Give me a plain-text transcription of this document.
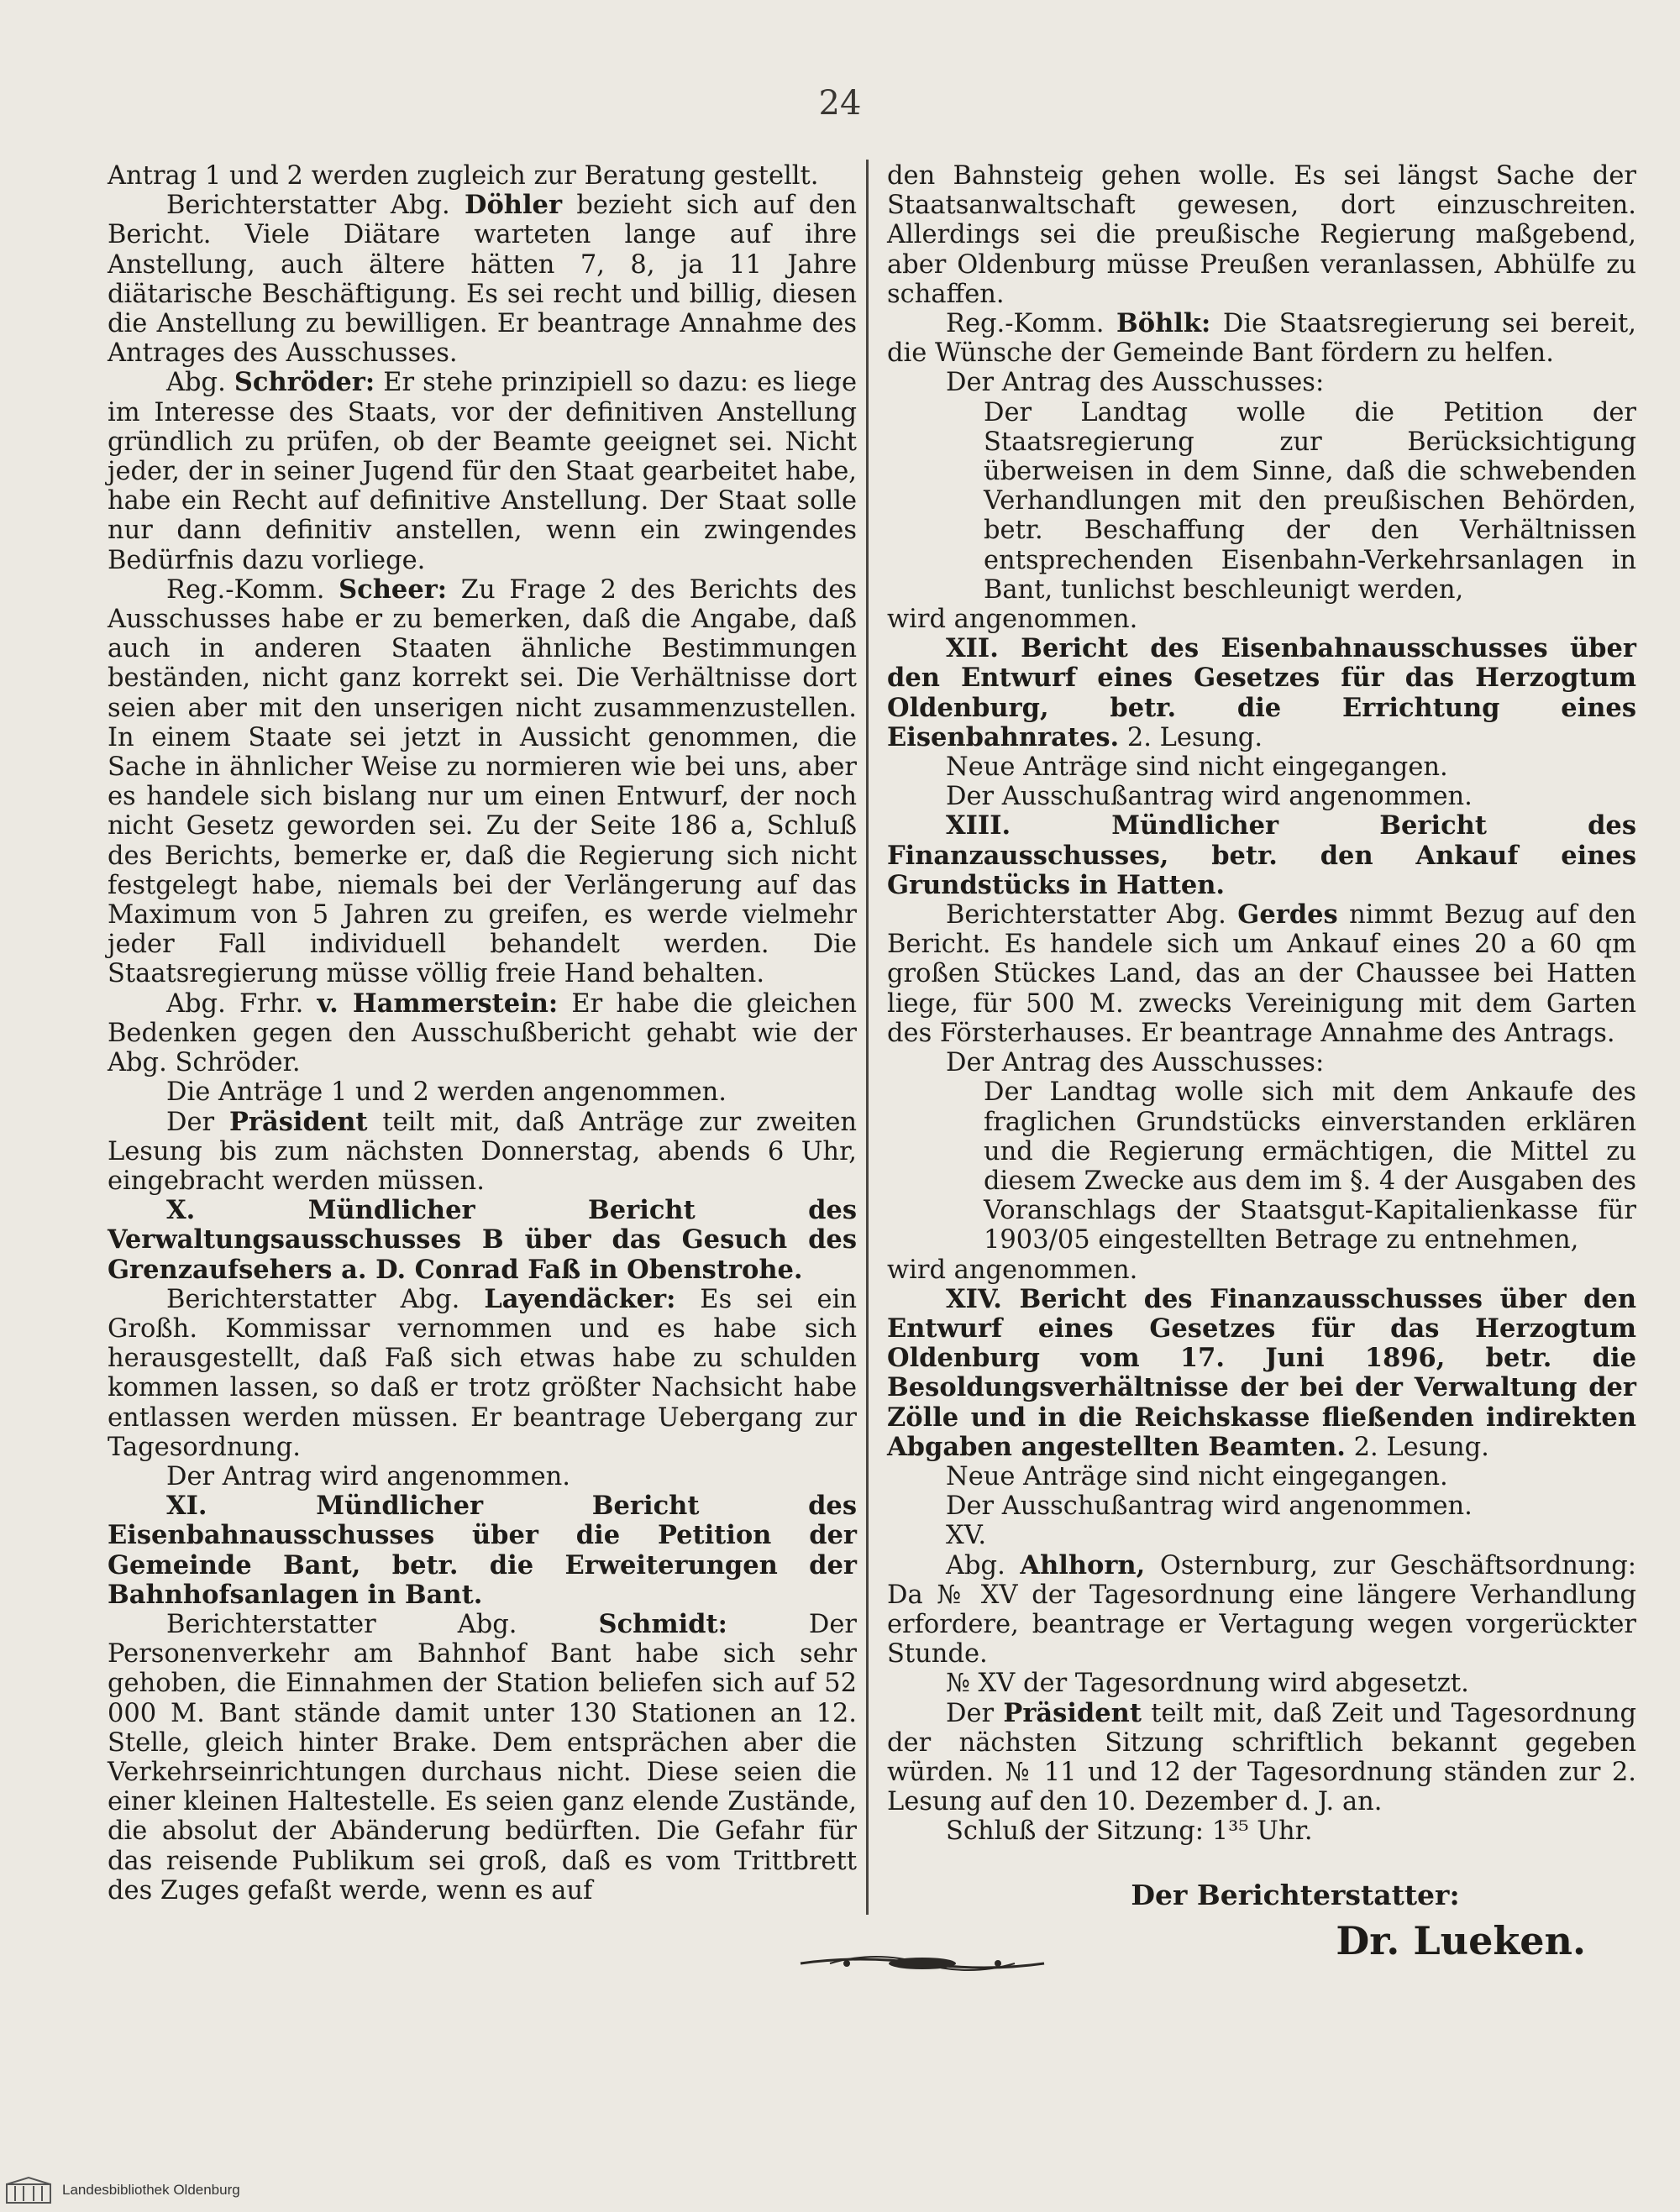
24

Antrag 1 und 2 werden zugleich zur Beratung gestellt.

Berichterstatter Abg. Döhler bezieht sich auf den Bericht. Viele Diätare warteten lange auf ihre Anstellung, auch ältere hätten 7, 8, ja 11 Jahre diätarische Beschäftigung. Es sei recht und billig, diesen die Anstellung zu bewilligen. Er beantrage Annahme des Antrages des Ausschusses.

Abg. Schröder: Er stehe prinzipiell so dazu: es liege im Interesse des Staats, vor der definitiven Anstellung gründlich zu prüfen, ob der Beamte geeignet sei. Nicht jeder, der in seiner Jugend für den Staat gearbeitet habe, habe ein Recht auf definitive Anstellung. Der Staat solle nur dann definitiv anstellen, wenn ein zwingendes Bedürfnis dazu vorliege.

Reg.-Komm. Scheer: Zu Frage 2 des Berichts des Ausschusses habe er zu bemerken, daß die Angabe, daß auch in anderen Staaten ähnliche Bestimmungen beständen, nicht ganz korrekt sei. Die Verhältnisse dort seien aber mit den unserigen nicht zusammenzustellen. In einem Staate sei jetzt in Aussicht genommen, die Sache in ähnlicher Weise zu normieren wie bei uns, aber es handele sich bislang nur um einen Entwurf, der noch nicht Gesetz geworden sei. Zu der Seite 186 a, Schluß des Berichts, bemerke er, daß die Regierung sich nicht festgelegt habe, niemals bei der Verlängerung auf das Maximum von 5 Jahren zu greifen, es werde vielmehr jeder Fall individuell behandelt werden. Die Staatsregierung müsse völlig freie Hand behalten.

Abg. Frhr. v. Hammerstein: Er habe die gleichen Bedenken gegen den Ausschußbericht gehabt wie der Abg. Schröder.

Die Anträge 1 und 2 werden angenommen.

Der Präsident teilt mit, daß Anträge zur zweiten Lesung bis zum nächsten Donnerstag, abends 6 Uhr, eingebracht werden müssen.

X. Mündlicher Bericht des Verwaltungsausschusses B über das Gesuch des Grenzaufsehers a. D. Conrad Faß in Obenstrohe.

Berichterstatter Abg. Layendäcker: Es sei ein Großh. Kommissar vernommen und es habe sich herausgestellt, daß Faß sich etwas habe zu schulden kommen lassen, so daß er trotz größter Nachsicht habe entlassen werden müssen. Er beantrage Uebergang zur Tagesordnung.

Der Antrag wird angenommen.

XI. Mündlicher Bericht des Eisenbahnausschusses über die Petition der Gemeinde Bant, betr. die Erweiterungen der Bahnhofsanlagen in Bant.

Berichterstatter Abg. Schmidt: Der Personenverkehr am Bahnhof Bant habe sich sehr gehoben, die Einnahmen der Station beliefen sich auf 52 000 M. Bant stände damit unter 130 Stationen an 12. Stelle, gleich hinter Brake. Dem entsprächen aber die Verkehrseinrichtungen durchaus nicht. Diese seien die einer kleinen Haltestelle. Es seien ganz elende Zustände, die absolut der Abänderung bedürften. Die Gefahr für das reisende Publikum sei groß, daß es vom Trittbrett des Zuges gefaßt werde, wenn es auf

den Bahnsteig gehen wolle. Es sei längst Sache der Staatsanwaltschaft gewesen, dort einzuschreiten. Allerdings sei die preußische Regierung maßgebend, aber Oldenburg müsse Preußen veranlassen, Abhülfe zu schaffen.

Reg.-Komm. Böhlk: Die Staatsregierung sei bereit, die Wünsche der Gemeinde Bant fördern zu helfen.

Der Antrag des Ausschusses:

Der Landtag wolle die Petition der Staatsregierung zur Berücksichtigung überweisen in dem Sinne, daß die schwebenden Verhandlungen mit den preußischen Behörden, betr. Beschaffung der den Verhältnissen entsprechenden Eisenbahn-Verkehrsanlagen in Bant, tunlichst beschleunigt werden,

wird angenommen.

XII. Bericht des Eisenbahnausschusses über den Entwurf eines Gesetzes für das Herzogtum Oldenburg, betr. die Errichtung eines Eisenbahnrates. 2. Lesung.

Neue Anträge sind nicht eingegangen.

Der Ausschußantrag wird angenommen.

XIII. Mündlicher Bericht des Finanzausschusses, betr. den Ankauf eines Grundstücks in Hatten.

Berichterstatter Abg. Gerdes nimmt Bezug auf den Bericht. Es handele sich um Ankauf eines 20 a 60 qm großen Stückes Land, das an der Chaussee bei Hatten liege, für 500 M. zwecks Vereinigung mit dem Garten des Försterhauses. Er beantrage Annahme des Antrags.

Der Antrag des Ausschusses:

Der Landtag wolle sich mit dem Ankaufe des fraglichen Grundstücks einverstanden erklären und die Regierung ermächtigen, die Mittel zu diesem Zwecke aus dem im §. 4 der Ausgaben des Voranschlags der Staatsgut-Kapitalienkasse für 1903/05 eingestellten Betrage zu entnehmen,

wird angenommen.

XIV. Bericht des Finanzausschusses über den Entwurf eines Gesetzes für das Herzogtum Oldenburg vom 17. Juni 1896, betr. die Besoldungsverhältnisse der bei der Verwaltung der Zölle und in die Reichskasse fließenden indirekten Abgaben angestellten Beamten. 2. Lesung.

Neue Anträge sind nicht eingegangen.

Der Ausschußantrag wird angenommen.

XV.

Abg. Ahlhorn, Osternburg, zur Geschäftsordnung: Da № XV der Tagesordnung eine längere Verhandlung erfordere, beantrage er Vertagung wegen vorgerückter Stunde.

№ XV der Tagesordnung wird abgesetzt.

Der Präsident teilt mit, daß Zeit und Tagesordnung der nächsten Sitzung schriftlich bekannt gegeben würden. № 11 und 12 der Tagesordnung ständen zur 2. Lesung auf den 10. Dezember d. J. an.

Schluß der Sitzung: 1³⁵ Uhr.

Der Berichterstatter:

Dr. Lueken.

Landesbibliothek Oldenburg
